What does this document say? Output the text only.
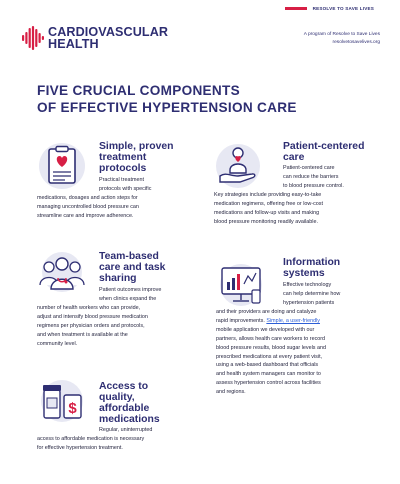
RESOLVE TO SAVE LIVES
CARDIOVASCULAR
HEALTH
A program of Resolve to Save Lives
resolvetosavelives.org
FIVE CRUCIAL COMPONENTS
OF EFFECTIVE HYPERTENSION CARE
Simple, proven
treatment
protocols
Practical treatment
protocols with specific
medications, dosages and action steps for
managing uncontrolled blood pressure can
streamline care and improve adherence.
Patient-centered
care
Patient-centered care
can reduce the barriers
to blood pressure control.
Key strategies include providing easy-to-take
medication regimens, offering free or low-cost
medications and follow-up visits and making
blood pressure monitoring readily available.
Team-based
care and task
sharing
Patient outcomes improve
when clinics expand the
number of health workers who can provide,
adjust and intensify blood pressure medication
regimens per physician orders and protocols,
and when treatment is available at the
community level.
Information
systems
Effective technology
can help determine how
hypertension patients
and their providers are doing and catalyze
rapid improvements. Simple, a user-friendly
mobile application we developed with our
partners, allows health care workers to record
blood pressure results, blood sugar levels and
prescribed medications at every patient visit,
using a web-based dashboard that officials
and health system managers can monitor to
assess hypertension control across facilities
and regions.
$
Access to
quality,
affordable
medications
Regular, uninterrupted
access to affordable medication is necessary
for effective hypertension treatment.
